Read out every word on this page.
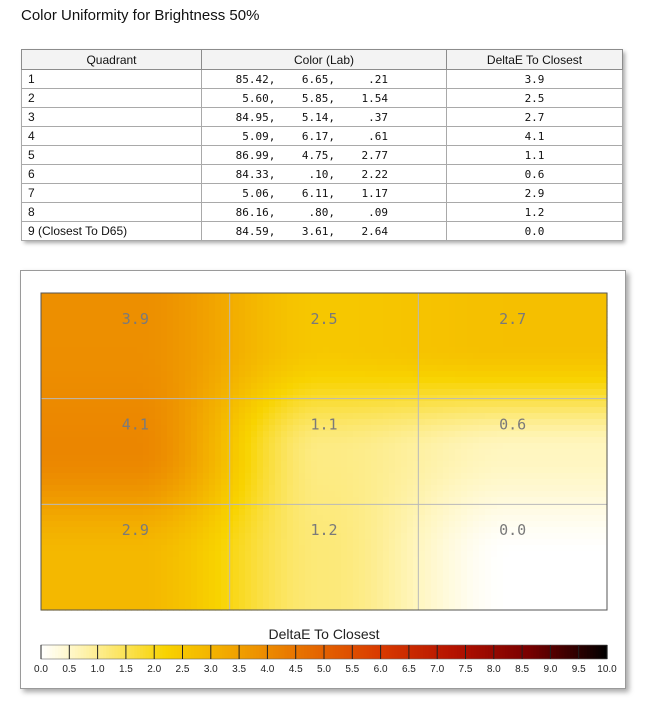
Color Uniformity for Brightness 50%
Quadrant	Color (Lab)	DeltaE To Closest
1	85.42,    6.65,     .21	3.9
2	5.60,    5.85,    1.54	2.5
3	84.95,    5.14,     .37	2.7
4	5.09,    6.17,     .61	4.1
5	86.99,    4.75,    2.77	1.1
6	84.33,     .10,    2.22	0.6
7	5.06,    6.11,    1.17	2.9
8	86.16,     .80,     .09	1.2
9 (Closest To D65)	84.59,    3.61,    2.64	0.0
3.9	2.5	2.7
4.1	1.1	0.6
2.9	1.2	0.0
DeltaE To Closest
0.0 0.5 1.0 1.5 2.0 2.5 3.0 3.5 4.0 4.5 5.0 5.5 6.0 6.5 7.0 7.5 8.0 8.5 9.0 9.5 10.0
